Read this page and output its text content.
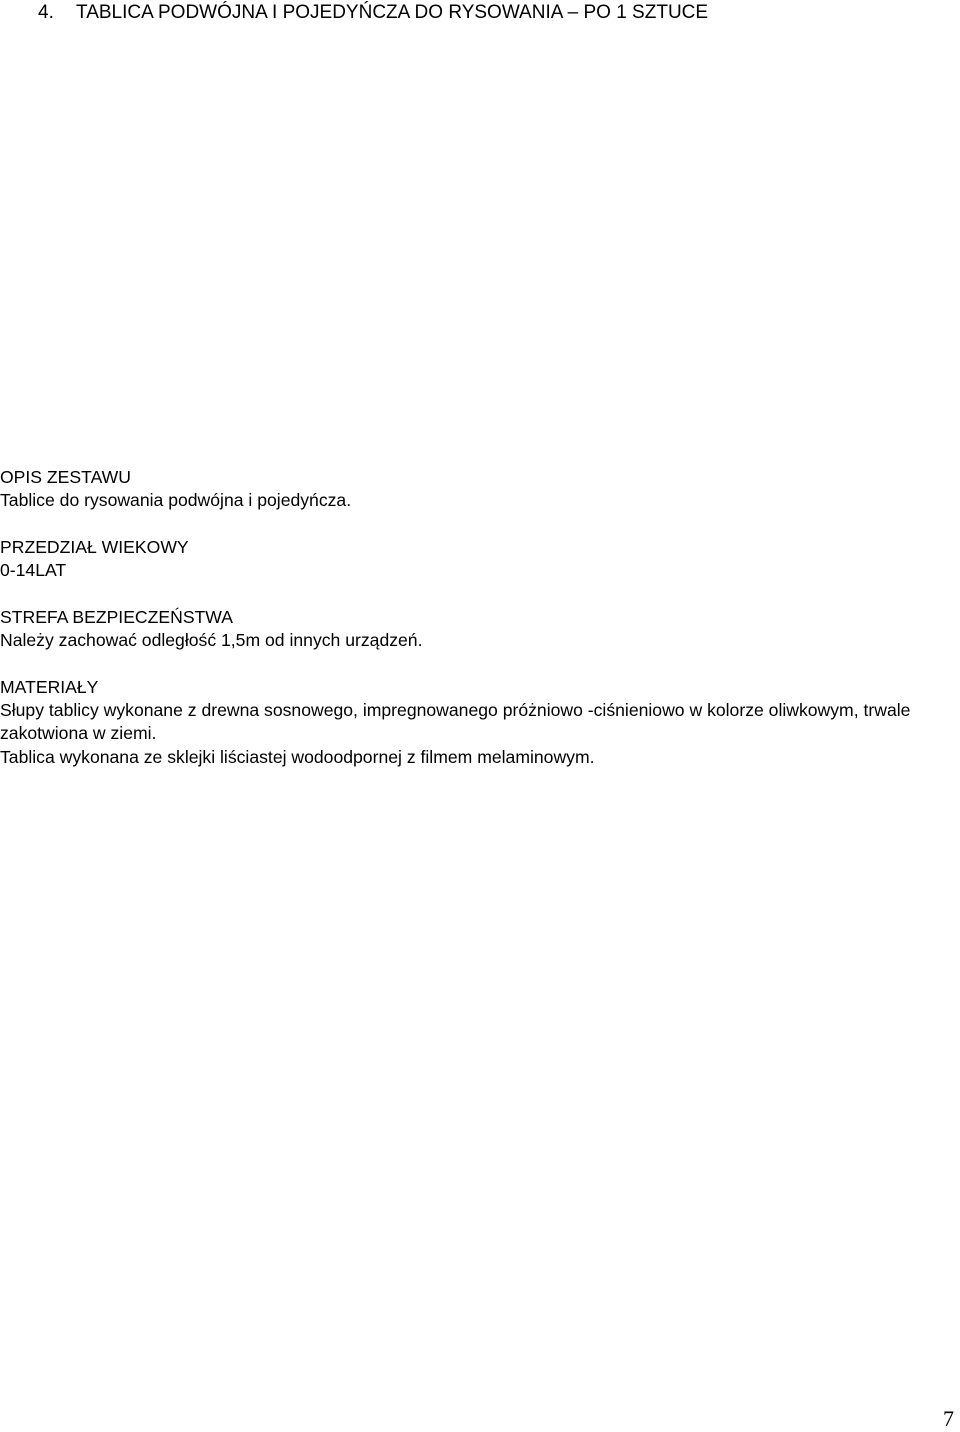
4. TABLICA PODWÓJNA I POJEDYŃCZA DO RYSOWANIA – PO 1 SZTUCE

OPIS ZESTAWU

Tablice do rysowania podwójna i pojedyńcza.

PRZEDZIAŁ WIEKOWY

0-14LAT

STREFA BEZPIECZEŃSTWA

Należy zachować odległość 1,5m od innych urządzeń.

MATERIAŁY

Słupy tablicy wykonane z drewna sosnowego, impregnowanego próżniowo -ciśnieniowo w kolorze oliwkowym, trwale zakotwiona w ziemi.

Tablica wykonana ze sklejki liściastej wodoodpornej z filmem melaminowym.

7
